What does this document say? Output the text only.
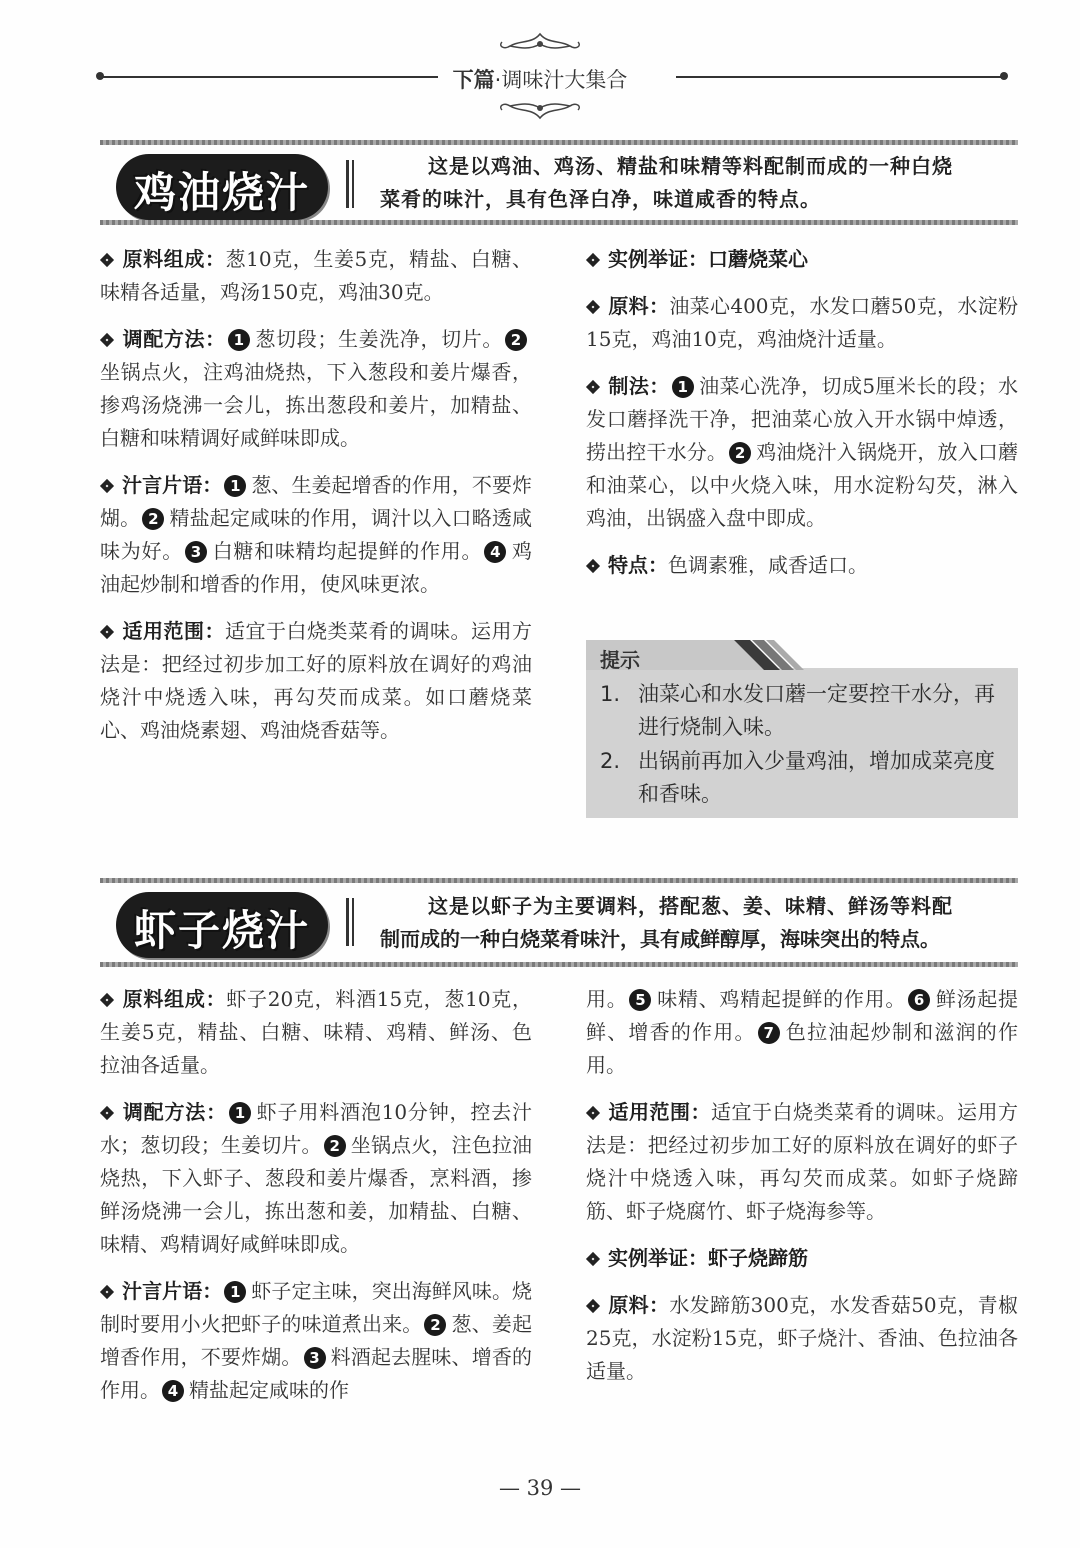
下篇·调味汁大集合
鸡油烧汁

这是以鸡油、鸡汤、精盐和味精等料配制而成的一种白烧

菜肴的味汁，具有色泽白净，味道咸香的特点。

原料组成：葱10克，生姜5克，精盐、白糖、味精各适量，鸡汤150克，鸡油30克。

调配方法： 1 葱切段；生姜洗净，切片。 2坐锅点火，注鸡油烧热，下入葱段和姜片爆香，掺鸡汤烧沸一会儿，拣出葱段和姜片，加精盐、白糖和味精调好咸鲜味即成。

汁言片语： 1 葱、生姜起增香的作用，不要炸煳。 2 精盐起定咸味的作用，调汁以入口略透咸味为好。 3 白糖和味精均起提鲜的作用。 4 鸡油起炒制和增香的作用，使风味更浓。

适用范围：适宜于白烧类菜肴的调味。运用方法是：把经过初步加工好的原料放在调好的鸡油烧汁中烧透入味，再勾芡而成菜。如口蘑烧菜心、鸡油烧素翅、鸡油烧香菇等。

实例举证：口蘑烧菜心

原料：油菜心400克，水发口蘑50克，水淀粉15克，鸡油10克，鸡油烧汁适量。

制法： 1 油菜心洗净，切成5厘米长的段；水发口蘑择洗干净，把油菜心放入开水锅中焯透，捞出控干水分。 2 鸡油烧汁入锅烧开，放入口蘑和油菜心，以中火烧入味，用水淀粉勾芡，淋入鸡油，出锅盛入盘中即成。

特点：色调素雅，咸香适口。

提示
1. 油菜心和水发口蘑一定要控干水分，再进行烧制入味。
2. 出锅前再加入少量鸡油，增加成菜亮度和香味。
虾子烧汁	这是以虾子为主要调料，搭配葱、姜、味精、鲜汤等料配

制而成的一种白烧菜肴味汁，具有咸鲜醇厚，海味突出的特点。

原料组成：虾子20克，料酒15克，葱10克，生姜5克，精盐、白糖、味精、鸡精、鲜汤、色拉油各适量。

调配方法： 1 虾子用料酒泡10分钟，控去汁水；葱切段；生姜切片。 2 坐锅点火，注色拉油烧热，下入虾子、葱段和姜片爆香，烹料酒，掺鲜汤烧沸一会儿，拣出葱和姜，加精盐、白糖、味精、鸡精调好咸鲜味即成。

汁言片语： 1 虾子定主味，突出海鲜风味。烧制时要用小火把虾子的味道煮出来。 2 葱、姜起增香作用，不要炸煳。 3 料酒起去腥味、增香的作用。 4 精盐起定咸味的作

用。 5 味精、鸡精起提鲜的作用。 6 鲜汤起提鲜、增香的作用。 7 色拉油起炒制和滋润的作用。

适用范围：适宜于白烧类菜肴的调味。运用方法是：把经过初步加工好的原料放在调好的虾子烧汁中烧透入味，再勾芡而成菜。如虾子烧蹄筋、虾子烧腐竹、虾子烧海参等。

实例举证：虾子烧蹄筋

原料：水发蹄筋300克，水发香菇50克，青椒25克，水淀粉15克，虾子烧汁、香油、色拉油各适量。

— 39 —
